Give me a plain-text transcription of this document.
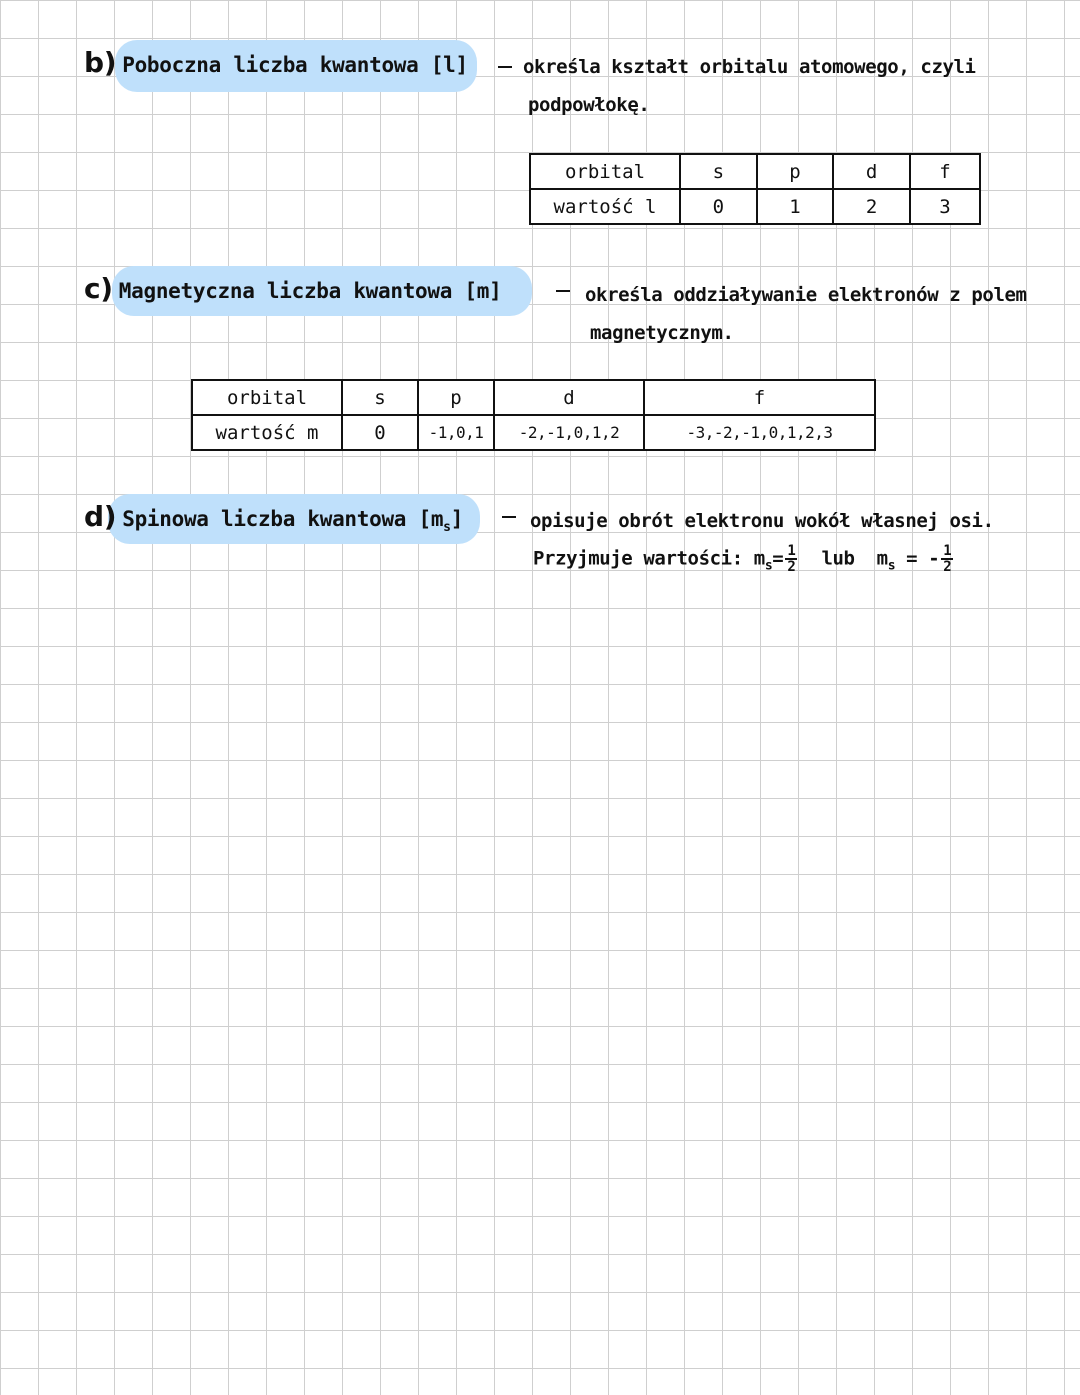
b) Poboczna liczba kwantowa [l]	określa kształt orbitalu atomowego, czyli
podpowłokę.
orbital	s	p	d	f
wartość l	0	1	2	3
c) Magnetyczna liczba kwantowa [m]	określa oddziaływanie elektronów z polem
magnetycznym.
orbital	s	p	d	f
wartość m	0	-1,0,1	-2,-1,0,1,2	-3,-2,-1,0,1,2,3
d) Spinowa liczba kwantowa $[m_s]$	opisuje obrót elektronu wokół własnej osi.
Przyjmuje wartości: $m_s= \frac{1}{2}$ lub $m_s$ = - $\frac{1}{2}$
